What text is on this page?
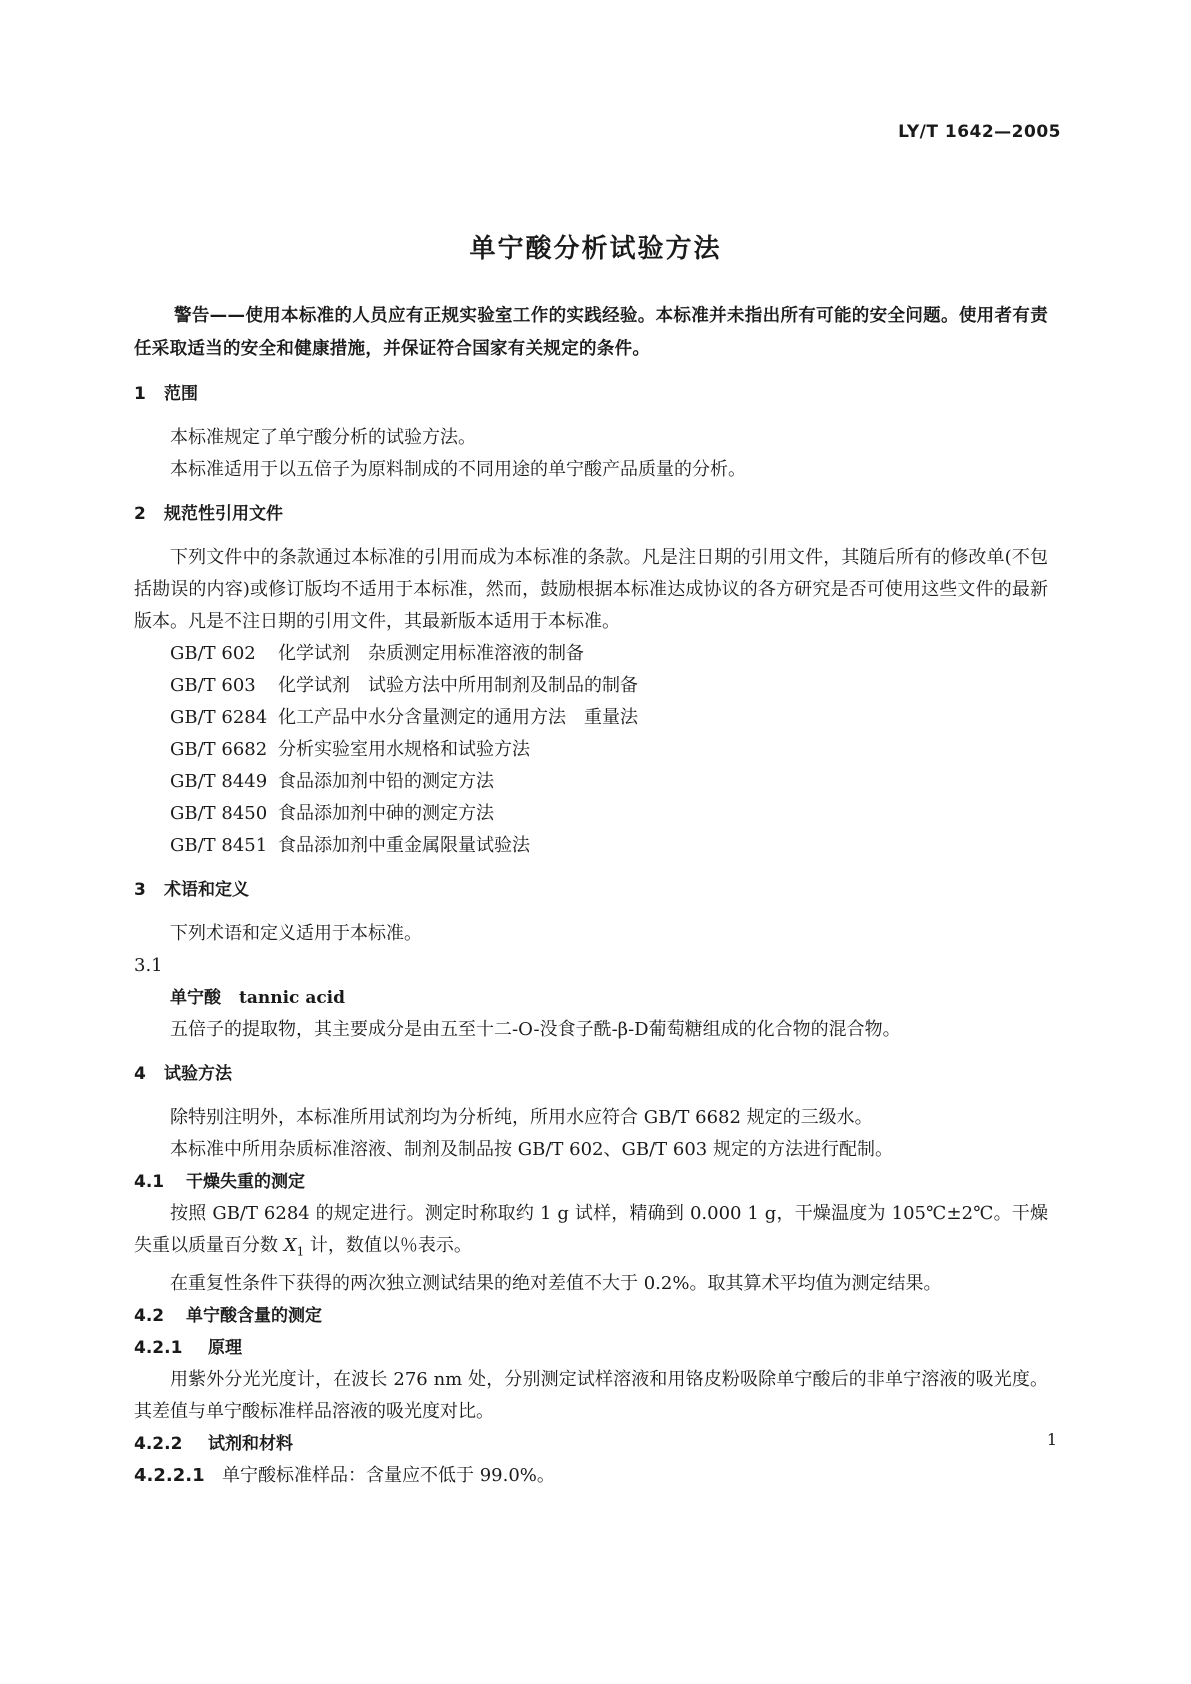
LY/T 1642—2005
单宁酸分析试验方法
警告——使用本标准的人员应有正规实验室工作的实践经验。本标准并未指出所有可能的安全问题。使用者有责任采取适当的安全和健康措施，并保证符合国家有关规定的条件。
1 范围
本标准规定了单宁酸分析的试验方法。
本标准适用于以五倍子为原料制成的不同用途的单宁酸产品质量的分析。
2 规范性引用文件
下列文件中的条款通过本标准的引用而成为本标准的条款。凡是注日期的引用文件，其随后所有的修改单(不包括勘误的内容)或修订版均不适用于本标准，然而，鼓励根据本标准达成协议的各方研究是否可使用这些文件的最新版本。凡是不注日期的引用文件，其最新版本适用于本标准。
GB/T 602 化学试剂　杂质测定用标准溶液的制备
GB/T 603 化学试剂　试验方法中所用制剂及制品的制备
GB/T 6284 化工产品中水分含量测定的通用方法　重量法
GB/T 6682 分析实验室用水规格和试验方法
GB/T 8449 食品添加剂中铅的测定方法
GB/T 8450 食品添加剂中砷的测定方法
GB/T 8451 食品添加剂中重金属限量试验法
3 术语和定义
下列术语和定义适用于本标准。
3.1
单宁酸 tannic acid
五倍子的提取物，其主要成分是由五至十二-O-没食子酰-β-D葡萄糖组成的化合物的混合物。
4 试验方法
除特别注明外，本标准所用试剂均为分析纯，所用水应符合 GB/T 6682 规定的三级水。
本标准中所用杂质标准溶液、制剂及制品按 GB/T 602、GB/T 603 规定的方法进行配制。
4.1 干燥失重的测定
按照 GB/T 6284 的规定进行。测定时称取约 1 g 试样，精确到 0.000 1 g，干燥温度为 105℃±2℃。干燥失重以质量百分数 $X_1$ 计，数值以％表示。
在重复性条件下获得的两次独立测试结果的绝对差值不大于 0.2%。取其算术平均值为测定结果。
4.2 单宁酸含量的测定
4.2.1 原理
用紫外分光光度计，在波长 276 nm 处，分别测定试样溶液和用铬皮粉吸除单宁酸后的非单宁溶液的吸光度。其差值与单宁酸标准样品溶液的吸光度对比。
4.2.2 试剂和材料
4.2.2.1 单宁酸标准样品：含量应不低于 99.0%。
1
